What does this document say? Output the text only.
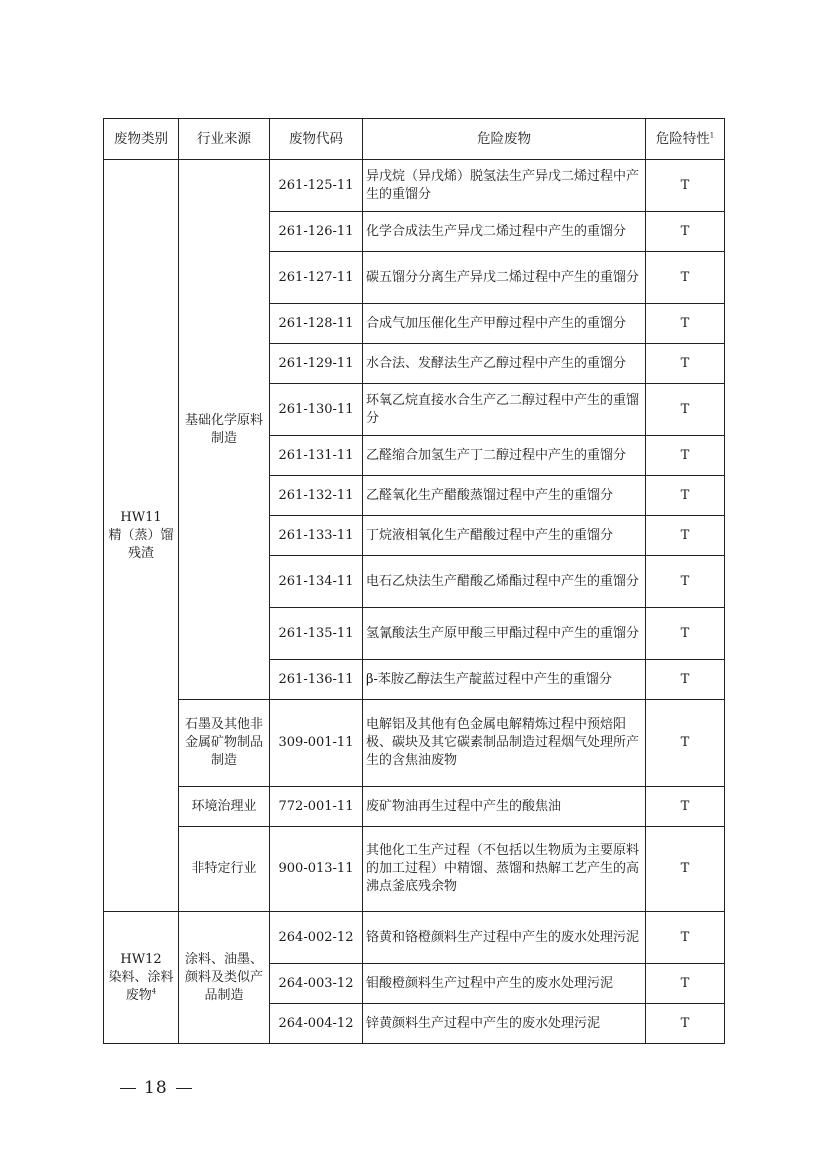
废物类别	行业来源	废物代码	危险废物	危险特性$^1$

HW11
精（蒸）馏残渣	基础化学原料制造	261-125-11	异戊烷（异戊烯）脱氢法生产异戊二烯过程中产生的重馏分	T
		261-126-11	化学合成法生产异戊二烯过程中产生的重馏分	T
		261-127-11	碳五馏分分离生产异戊二烯过程中产生的重馏分	T
		261-128-11	合成气加压催化生产甲醇过程中产生的重馏分	T
		261-129-11	水合法、发酵法生产乙醇过程中产生的重馏分	T
		261-130-11	环氧乙烷直接水合生产乙二醇过程中产生的重馏分	T
		261-131-11	乙醛缩合加氢生产丁二醇过程中产生的重馏分	T
		261-132-11	乙醛氧化生产醋酸蒸馏过程中产生的重馏分	T
		261-133-11	丁烷液相氧化生产醋酸过程中产生的重馏分	T
		261-134-11	电石乙炔法生产醋酸乙烯酯过程中产生的重馏分	T
		261-135-11	氢氰酸法生产原甲酸三甲酯过程中产生的重馏分	T
		261-136-11	β-苯胺乙醇法生产靛蓝过程中产生的重馏分	T
	石墨及其他非金属矿物制品制造	309-001-11	电解铝及其他有色金属电解精炼过程中预焙阳极、碳块及其它碳素制品制造过程烟气处理所产生的含焦油废物	T
	环境治理业	772-001-11	废矿物油再生过程中产生的酸焦油	T
	非特定行业	900-013-11	其他化工生产过程（不包括以生物质为主要原料的加工过程）中精馏、蒸馏和热解工艺产生的高沸点釜底残余物	T

HW12
染料、涂料废物$^4$	涂料、油墨、颜料及类似产品制造	264-002-12	铬黄和铬橙颜料生产过程中产生的废水处理污泥	T
		264-003-12	钼酸橙颜料生产过程中产生的废水处理污泥	T
		264-004-12	锌黄颜料生产过程中产生的废水处理污泥	T
18
